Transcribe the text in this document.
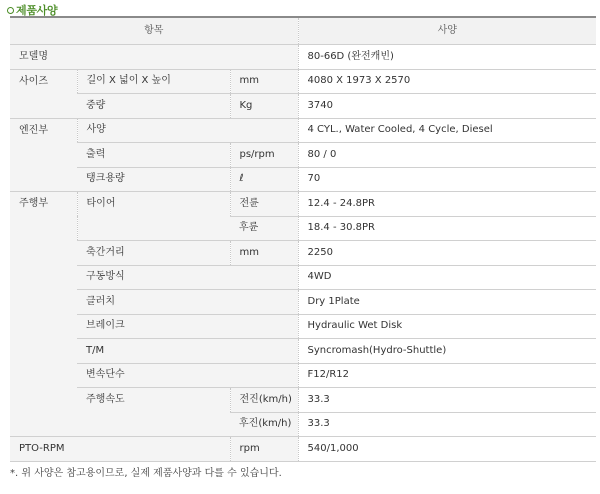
제품사양
항목			사양
모델명			80-66D (완전캐빈)
사이즈	길이 X 넓이 X 높이	mm	4080 X 1973 X 2570
	중량	Kg	3740
엔진부	사양		4 CYL., Water Cooled, 4 Cycle, Diesel
	출력	ps/rpm	80 / 0
	탱크용량	ℓ	70
주행부	타이어	전륜	12.4 - 24.8PR
		후륜	18.4 - 30.8PR
	축간거리	mm	2250
	구동방식		4WD
	클러치		Dry 1Plate
	브레이크		Hydraulic Wet Disk
	T/M		Syncromash(Hydro-Shuttle)
	변속단수		F12/R12
	주행속도	전진(km/h)	33.3
		후진(km/h)	33.3
PTO-RPM		rpm	540/1,000
*. 위 사양은 참고용이므로, 실제 제품사양과 다를 수 있습니다.
